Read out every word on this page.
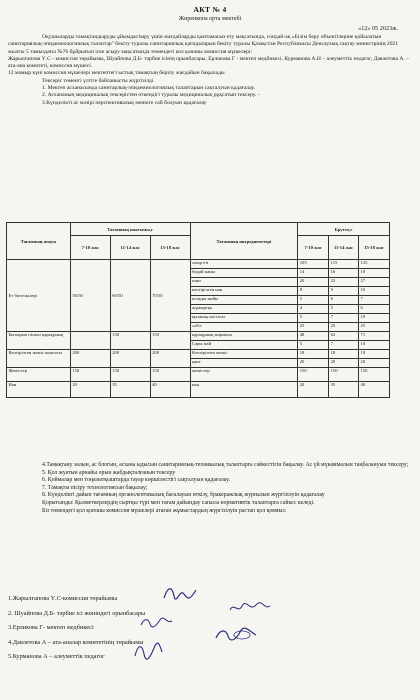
АКТ № 4
Жиренкопа орта мектебі
«12» 05 2023ж.
Оқушыларды тамақтандыруды ұйымдастыру үшін жағдайларды қамтамасыз ету мақсатында, сондай-ақ «Білім беру объектілеріне қойылатын санитариялық-эпидемиологиялық талаптар" бекіту туралы санитариялық қағидаларын бекіту туралы Қазақстан Республикасы Денсаулық сақтау министрінің 2021 жылғы 5 тамыздағы №76 бұйрығын іске асыру мақсатында төмендегі кол қоюшы комиссия мүшелері:
Жарылғапова Ү.С - комиссия төрайымы, Шуайпова Д.Б- тәрбие ісінің орынбасары, Ерликова Г - мектеп медбикесі, Курманова А.Н – алеуметтік педагог, Давлетова А. – ата-ана комитеті, комиссия мүшесі.
12 мамыр күні комиссия мүшелері мектептегі ыстық тамақтың берілу жағдайын бақылады
Тексеріс төменгі үлгіге байланысты жүргізілді
1. Мектеп асханасында санитарлық-эпидемиологиялық талаптарын сақталуын қадағалау.
2. Асхананың медициналық тексерістен өткендігі туралы медициналық рұқсатын тексеру. -
3.Күнделікті ас мәзірі перспективалық менюге сай болуын қадағалау
Тағамның атауы	Тағамның шығымы,г			Тағамның ингредиенттері	Брутто,г		
	7-10 жас	11-14 жас	15-18 жас		7-10 жас	11-14 жас	15-18 жас
Ет биточкілері	50/50	60/50	70/50	сиыр еті	105	115	125
				бидай наны	14	16	18
				пияз	20	23	27
				кептірілген нан	8	9	10
				өсімдік майы	5	6	7
				жұмыртқа	4	5	6
				қызанақ пастасы	5	7	10
				сәбіз	25	25	25
Бытырып піскен қарақұмық		130	150	қарақұмық жармасы	48	62	71
				Сары май	5	7	10
Кептірілген жеміс компоты	200	200	200	Кептірілген жеміс	18	18	18
				қант	20	20	20
Жемістер	150	150	150	жемістер	150	150	150
Нан	20	35	40	нан	20	35	40
4.Тамақтану залын, ас блогын, асхана ыдысын санитариялық-техникалық талаптарға сәйкестігін бақылау. Ас үй мүкаммалын таңбалануын тексеру;
5. Қол жуатын арнайы орын жабдықталғанын тексеру
6. Қоймалар мен тоңазытқыштарда тауар көршілестігі сақталуын қадағалау.
7. Тамақты пісіру технологиясын бақылау;
8. Күнделікті дайын тағамның органолептикалық бағалауын өткізу, бракеражлық журналын жүргізілуін қадағалау
Қорытынды: Қызметкерлердің сыртқы түрі мен тағам дайындау сапасы нормативтік талаптарға сәйкес келеді.
Біз төмендегі қол қоюшы комиссия мүшелері атаған жұмыстардың жүргізілуін растап қол қоямыз:
1.Жарылғапова Ү.С-комиссия төрайымы
2. Шуайпова Д.Б- тәрбие ісі жөніндегі орынбасары
3.Ерликова Г- мектеп медбикесі
4.Давлетова А – ата-аналар комитетінің төрайымы
5.Курманова А – алеуметтік педагог
